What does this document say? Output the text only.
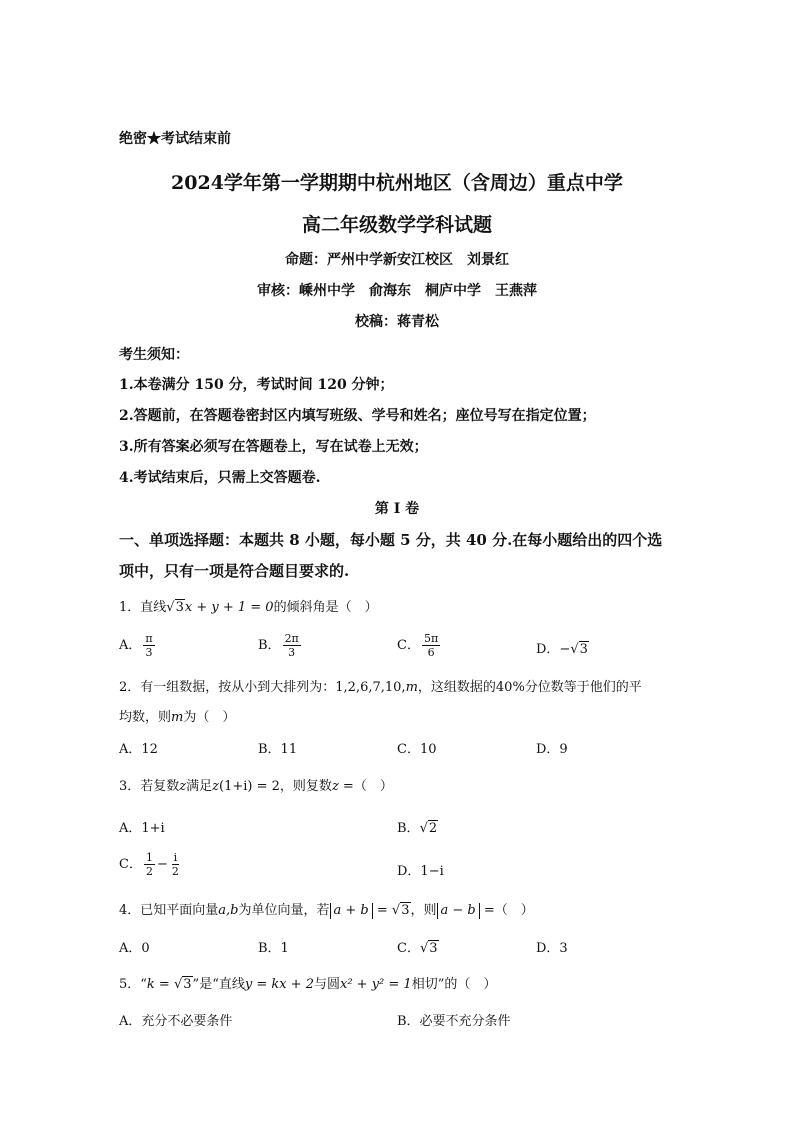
绝密★考试结束前
2024学年第一学期期中杭州地区（含周边）重点中学
高二年级数学学科试题
命题：严州中学新安江校区　刘景红
审核：嵊州中学　俞海东　桐庐中学　王燕萍
校稿：蒋青松
考生须知：
1.本卷满分 150 分，考试时间 120 分钟；
2.答题前，在答题卷密封区内填写班级、学号和姓名；座位号写在指定位置；
3.所有答案必须写在答题卷上，写在试卷上无效；
4.考试结束后，只需上交答题卷.
第 I 卷
一、单项选择题：本题共 8 小题，每小题 5 分，共 40 分.在每小题给出的四个选
项中，只有一项是符合题目要求的.
1．直线√3x + y + 1 = 0的倾斜角是（　）
A． $\frac{\pi}{3}$	B． $\frac{2\pi}{3}$	C． $\frac{5\pi}{6}$	D．−√3
2．有一组数据，按从小到大排列为：1,2,6,7,10,m，这组数据的40%分位数等于他们的平
均数，则m为（　）
A．12	B．11	C．10	D．9
3．若复数z满足z(1+i) = 2，则复数z =（　）
A．1+i	B．√2
C． $\frac{1}{2} - \frac{i}{2}$	D．1−i
4．已知平面向量a,b为单位向量，若 a + b = √3，则 a − b =（　）
A．0	B．1	C．√3	D．3
5．“k = √3”是“直线y = kx + 2与圆x² + y² = 1相切”的（　）
A．充分不必要条件	B．必要不充分条件
